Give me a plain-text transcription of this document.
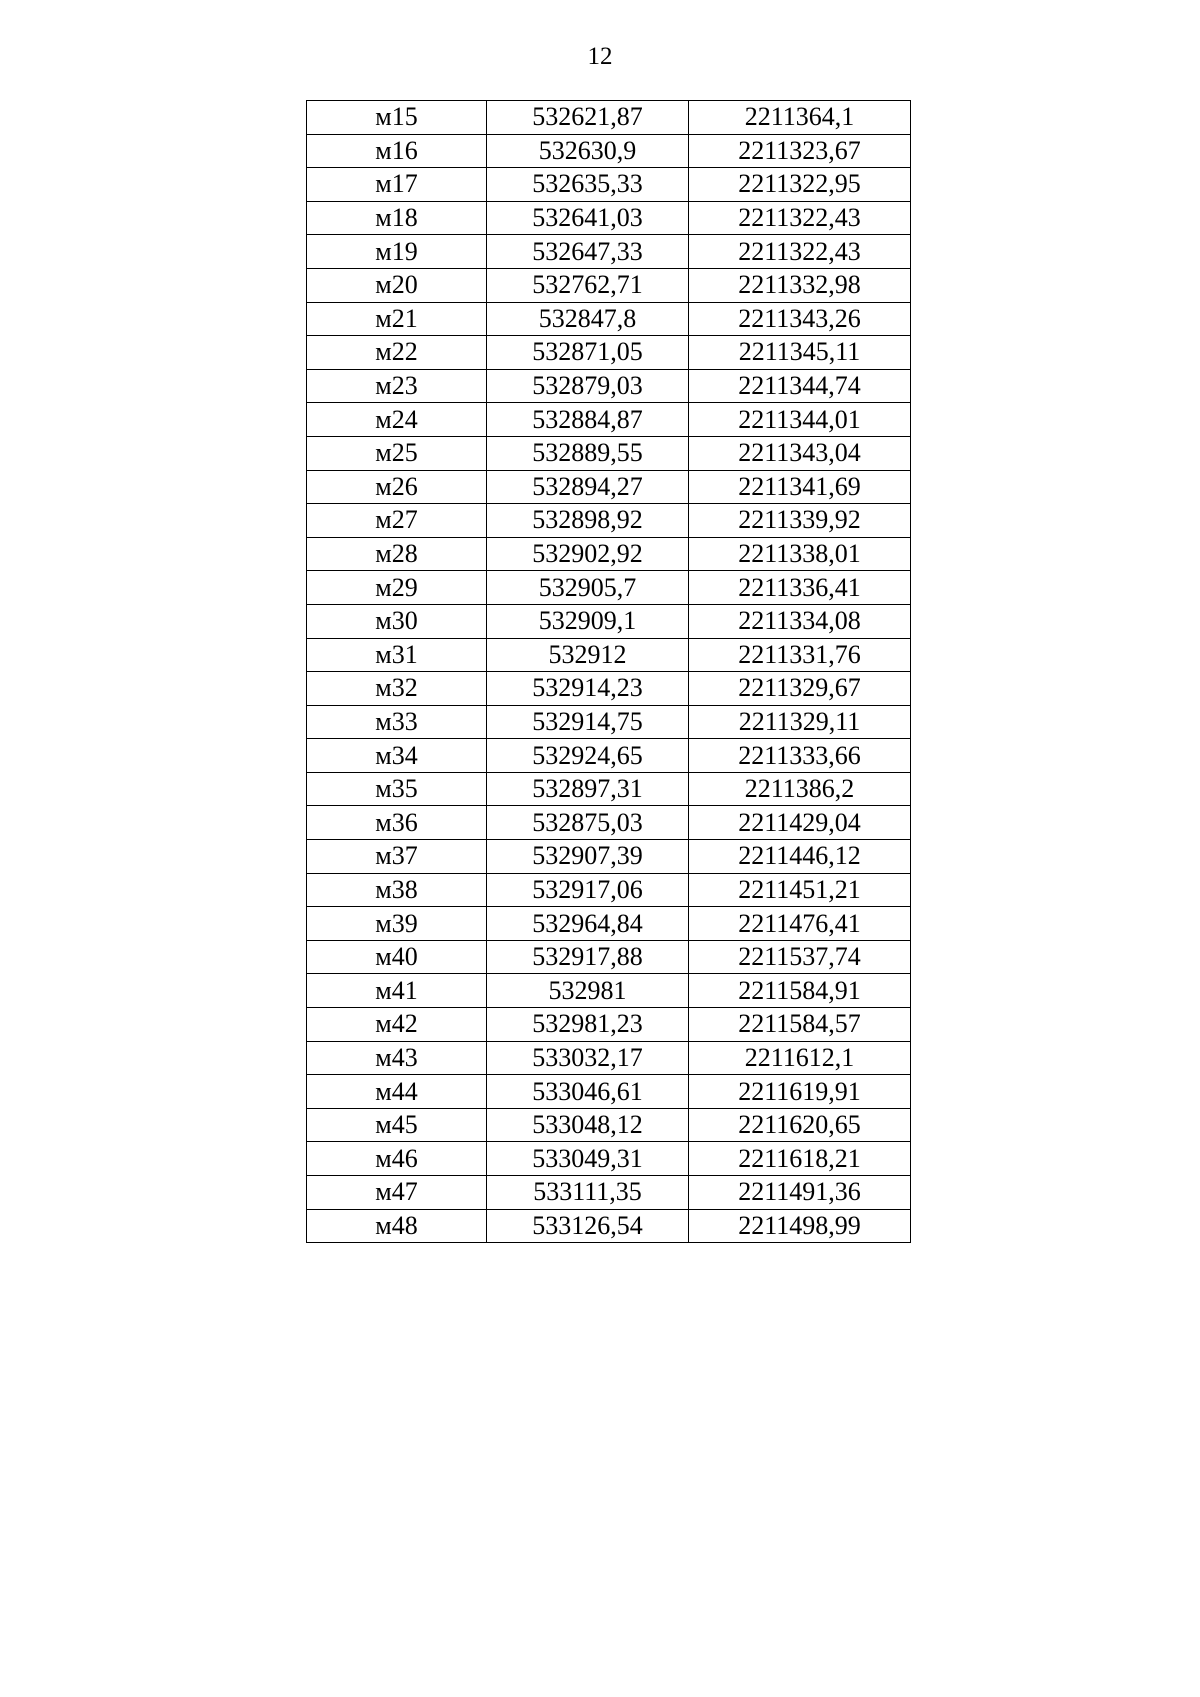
12
м15	532621,87	2211364,1
м16	532630,9	2211323,67
м17	532635,33	2211322,95
м18	532641,03	2211322,43
м19	532647,33	2211322,43
м20	532762,71	2211332,98
м21	532847,8	2211343,26
м22	532871,05	2211345,11
м23	532879,03	2211344,74
м24	532884,87	2211344,01
м25	532889,55	2211343,04
м26	532894,27	2211341,69
м27	532898,92	2211339,92
м28	532902,92	2211338,01
м29	532905,7	2211336,41
м30	532909,1	2211334,08
м31	532912	2211331,76
м32	532914,23	2211329,67
м33	532914,75	2211329,11
м34	532924,65	2211333,66
м35	532897,31	2211386,2
м36	532875,03	2211429,04
м37	532907,39	2211446,12
м38	532917,06	2211451,21
м39	532964,84	2211476,41
м40	532917,88	2211537,74
м41	532981	2211584,91
м42	532981,23	2211584,57
м43	533032,17	2211612,1
м44	533046,61	2211619,91
м45	533048,12	2211620,65
м46	533049,31	2211618,21
м47	533111,35	2211491,36
м48	533126,54	2211498,99
